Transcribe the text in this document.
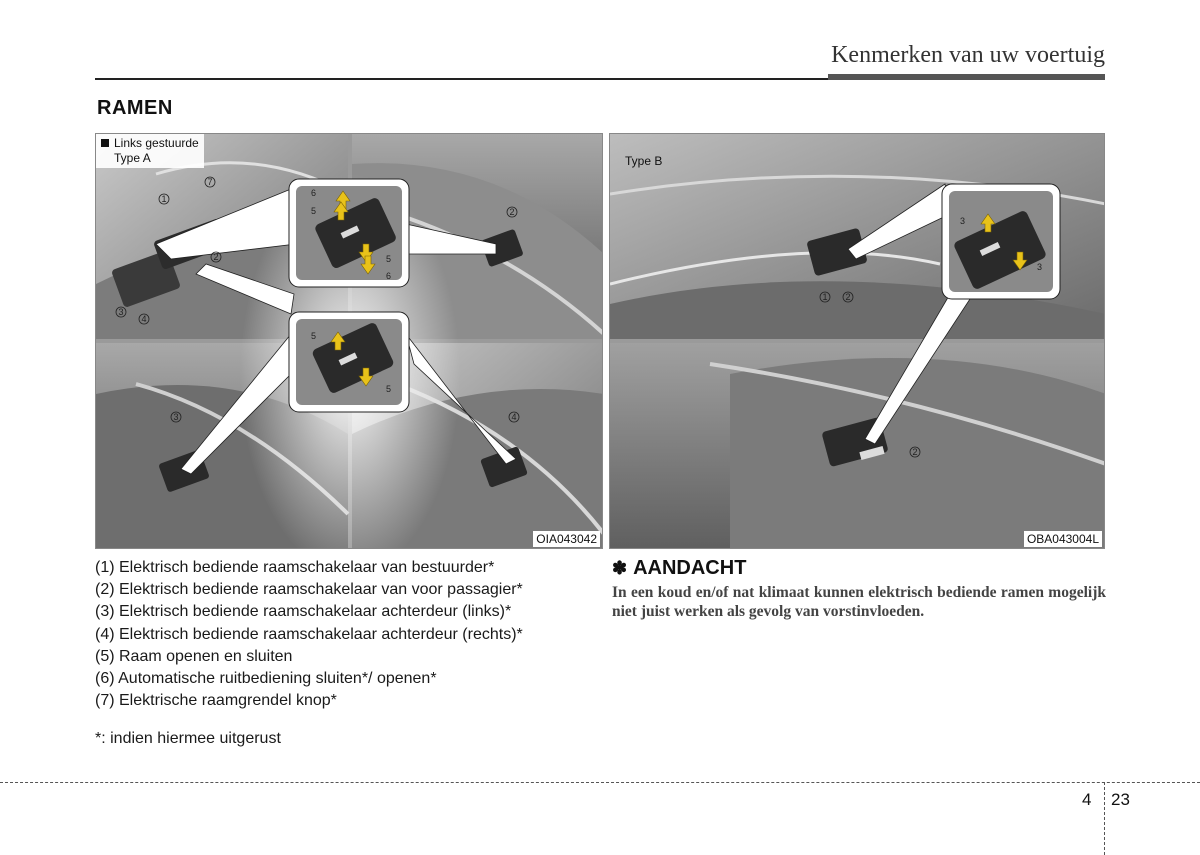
Kenmerken van uw voertuig
RAMEN
6
5
5
6
5
5
1
7
2
3
4
2
3	4
Links gestuurde
Type A
OIA043042
3
3
1 2
2
Type B
OBA043004L
(1) Elektrisch bediende raamschakelaar van bestuurder*
(2) Elektrisch bediende raamschakelaar van voor passagier*
(3) Elektrisch bediende raamschakelaar achterdeur (links)*
(4) Elektrisch bediende raamschakelaar achterdeur (rechts)*
(5) Raam openen en sluiten
(6) Automatische ruitbediening sluiten*/ openen*
(7) Elektrische raamgrendel knop*
*: indien hiermee uitgerust
✽ AANDACHT
In een koud en/of nat klimaat kunnen elektrisch bediende ramen mogelijk niet juist werken als gevolg van vorstinvloeden.
4 23
